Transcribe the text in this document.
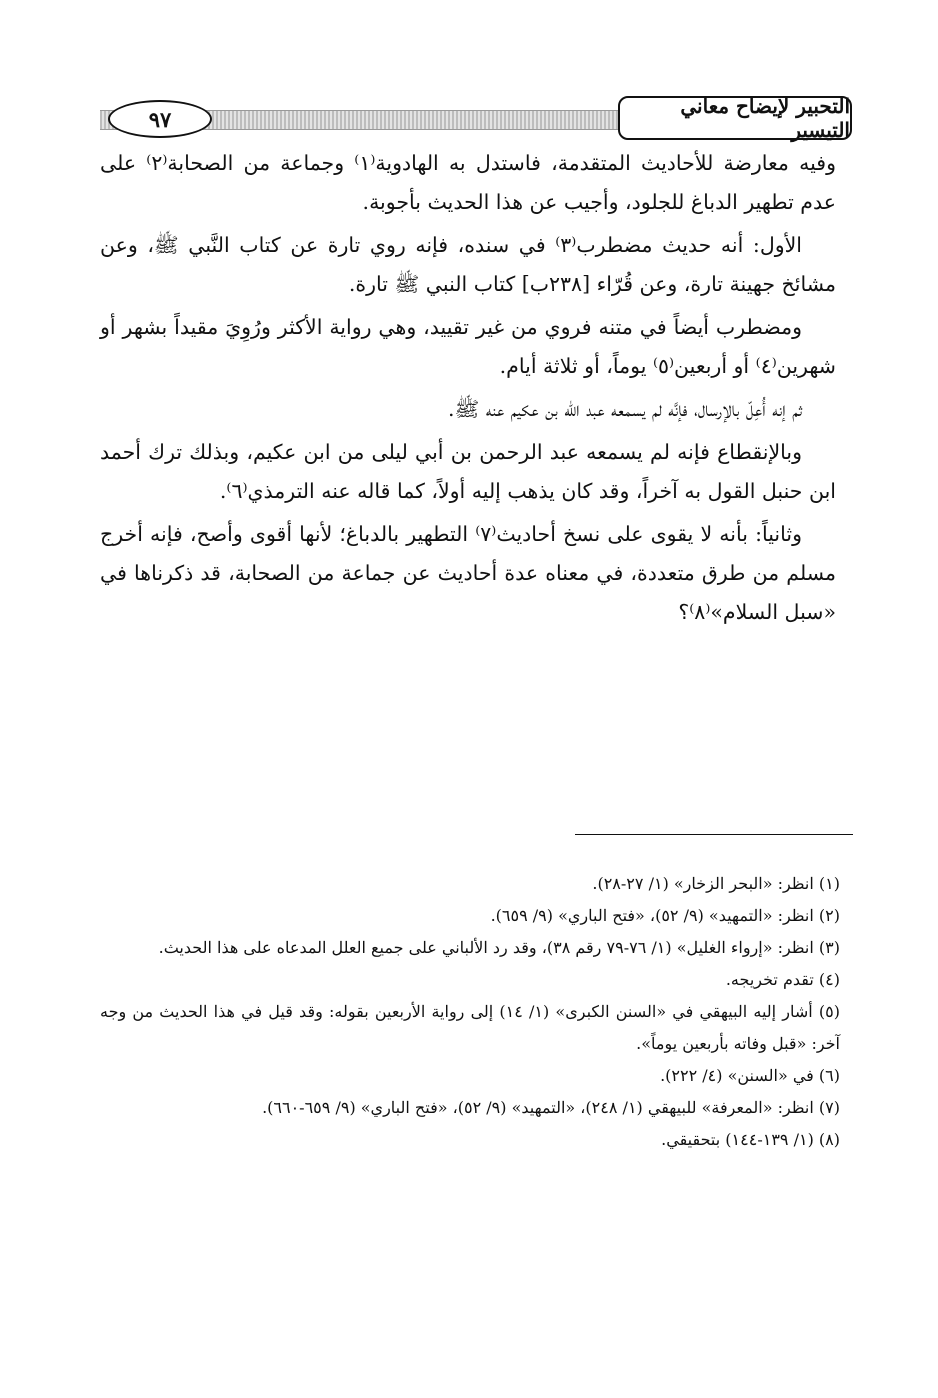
التحبير لإيضاح معاني التيسير
٩٧

وفيه معارضة للأحاديث المتقدمة، فاستدل به الهادوية⁽١⁾ وجماعة من الصحابة⁽٢⁾ على عدم تطهير الدباغ للجلود، وأجيب عن هذا الحديث بأجوبة.

الأول: أنه حديث مضطرب⁽٣⁾ في سنده، فإنه روي تارة عن كتاب النَّبي ﷺ، وعن مشائخ جهينة تارة، وعن قُرّاء [٢٣٨ب] كتاب النبي ﷺ تارة.

ومضطرب أيضاً في متنه فروي من غير تقييد، وهي رواية الأكثر ورُوِيَ مقيداً بشهر أو شهرين⁽٤⁾ أو أربعين⁽٥⁾ يوماً، أو ثلاثة أيام.

ثم إنه أُعِلّ بالإرسال، فإنَّه لم يسمعه عبد الله بن عكيم عنه ﷺ.

وبالإنقطاع فإنه لم يسمعه عبد الرحمن بن أبي ليلى من ابن عكيم، وبذلك ترك أحمد ابن حنبل القول به آخراً، وقد كان يذهب إليه أولاً، كما قاله عنه الترمذي⁽٦⁾.

وثانياً: بأنه لا يقوى على نسخ أحاديث⁽٧⁾ التطهير بالدباغ؛ لأنها أقوى وأصح، فإنه أخرج مسلم من طرق متعددة، في معناه عدة أحاديث عن جماعة من الصحابة، قد ذكرناها في «سبل السلام»⁽٨⁾؟

(١) انظر: «البحر الزخار» (١/ ٢٧-٢٨).

(٢) انظر: «التمهيد» (٩/ ٥٢)، «فتح الباري» (٩/ ٦٥٩).

(٣) انظر: «إرواء الغليل» (١/ ٧٦-٧٩ رقم ٣٨)، وقد رد الألباني على جميع العلل المدعاه على هذا الحديث.

(٤) تقدم تخريجه.

(٥) أشار إليه البيهقي في «السنن الكبرى» (١/ ١٤) إلى رواية الأربعين بقوله: وقد قيل في هذا الحديث من وجه آخر: «قبل وفاته بأربعين يوماً».

(٦) في «السنن» (٤/ ٢٢٢).

(٧) انظر: «المعرفة» للبيهقي (١/ ٢٤٨)، «التمهيد» (٩/ ٥٢)، «فتح الباري» (٩/ ٦٥٩-٦٦٠).

(٨) (١/ ١٣٩-١٤٤) بتحقيقي.
